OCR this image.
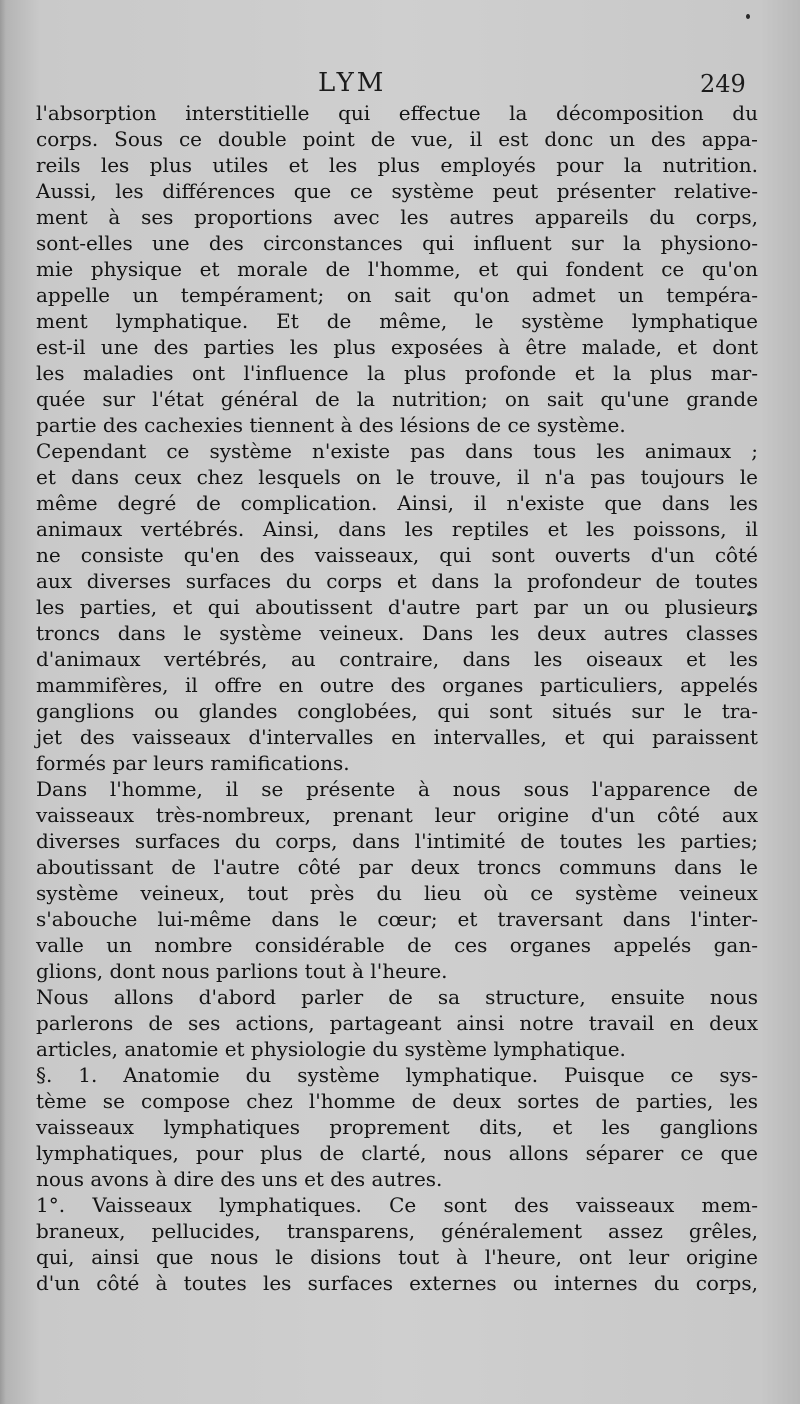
LYM	249
l'absorption interstitielle qui effectue la décomposition du
corps. Sous ce double point de vue, il est donc un des appa-
reils les plus utiles et les plus employés pour la nutrition.
Aussi, les différences que ce système peut présenter relative-
ment à ses proportions avec les autres appareils du corps,
sont-elles une des circonstances qui influent sur la physiono-
mie physique et morale de l'homme, et qui fondent ce qu'on
appelle un tempérament; on sait qu'on admet un tempéra-
ment lymphatique. Et de même, le système lymphatique
est-il une des parties les plus exposées à être malade, et dont
les maladies ont l'influence la plus profonde et la plus mar-
quée sur l'état général de la nutrition; on sait qu'une grande
partie des cachexies tiennent à des lésions de ce système.
Cependant ce système n'existe pas dans tous les animaux ;
et dans ceux chez lesquels on le trouve, il n'a pas toujours le
même degré de complication. Ainsi, il n'existe que dans les
animaux vertébrés. Ainsi, dans les reptiles et les poissons, il
ne consiste qu'en des vaisseaux, qui sont ouverts d'un côté
aux diverses surfaces du corps et dans la profondeur de toutes
les parties, et qui aboutissent d'autre part par un ou plusieurs
troncs dans le système veineux. Dans les deux autres classes
d'animaux vertébrés, au contraire, dans les oiseaux et les
mammifères, il offre en outre des organes particuliers, appelés
ganglions ou glandes conglobées, qui sont situés sur le tra-
jet des vaisseaux d'intervalles en intervalles, et qui paraissent
formés par leurs ramifications.
Dans l'homme, il se présente à nous sous l'apparence de
vaisseaux très-nombreux, prenant leur origine d'un côté aux
diverses surfaces du corps, dans l'intimité de toutes les parties;
aboutissant de l'autre côté par deux troncs communs dans le
système veineux, tout près du lieu où ce système veineux
s'abouche lui-même dans le cœur; et traversant dans l'inter-
valle un nombre considérable de ces organes appelés gan-
glions, dont nous parlions tout à l'heure.
Nous allons d'abord parler de sa structure, ensuite nous
parlerons de ses actions, partageant ainsi notre travail en deux
articles, anatomie et physiologie du système lymphatique.
§. 1. Anatomie du système lymphatique. Puisque ce sys-
tème se compose chez l'homme de deux sortes de parties, les
vaisseaux lymphatiques proprement dits, et les ganglions
lymphatiques, pour plus de clarté, nous allons séparer ce que
nous avons à dire des uns et des autres.
1°. Vaisseaux lymphatiques. Ce sont des vaisseaux mem-
braneux, pellucides, transparens, généralement assez grêles,
qui, ainsi que nous le disions tout à l'heure, ont leur origine
d'un côté à toutes les surfaces externes ou internes du corps,
